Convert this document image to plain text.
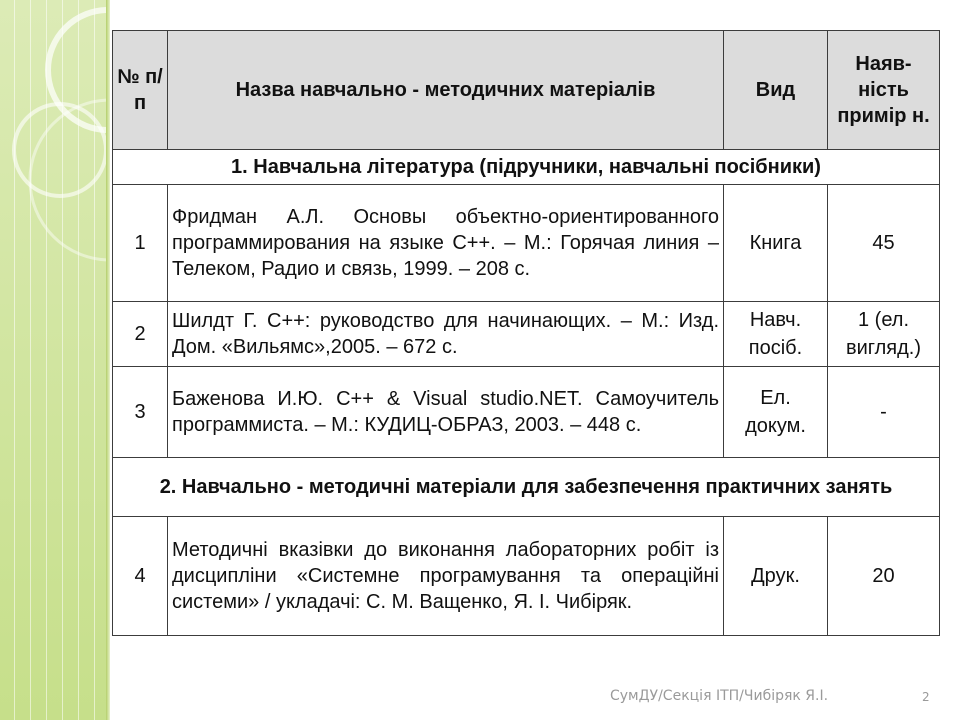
№ п/п	Назва навчально - методичних матеріалів	Вид	Наяв-ність примір н.
1. Навчальна література (підручники, навчальні посібники)			
1	Фридман А.Л. Основы объектно-ориентированного программирования на языке С++. – М.: Горячая линия – Телеком, Радио и связь, 1999. – 208 с.	Книга	45
2	Шилдт Г. С++: руководство для начинающих. – М.: Изд. Дом. «Вильямс»,2005. – 672 с.	Навч. посіб.	1 (ел. вигляд.)
3	Баженова И.Ю. С++ & Visual studio.NET. Самоучитель программиста. – М.: КУДИЦ-ОБРАЗ, 2003. – 448 с.	Ел. докум.	-
2. Навчально - методичні матеріали для забезпечення практичних занять			
4	Методичні вказівки до виконання лабораторних робіт із дисципліни «Системне програмування та операційні системи» / укладачі: С. М. Ващенко, Я. І. Чибіряк.	Друк.	20
СумДУ/Секція ІТП/Чибіряк Я.І.	2
